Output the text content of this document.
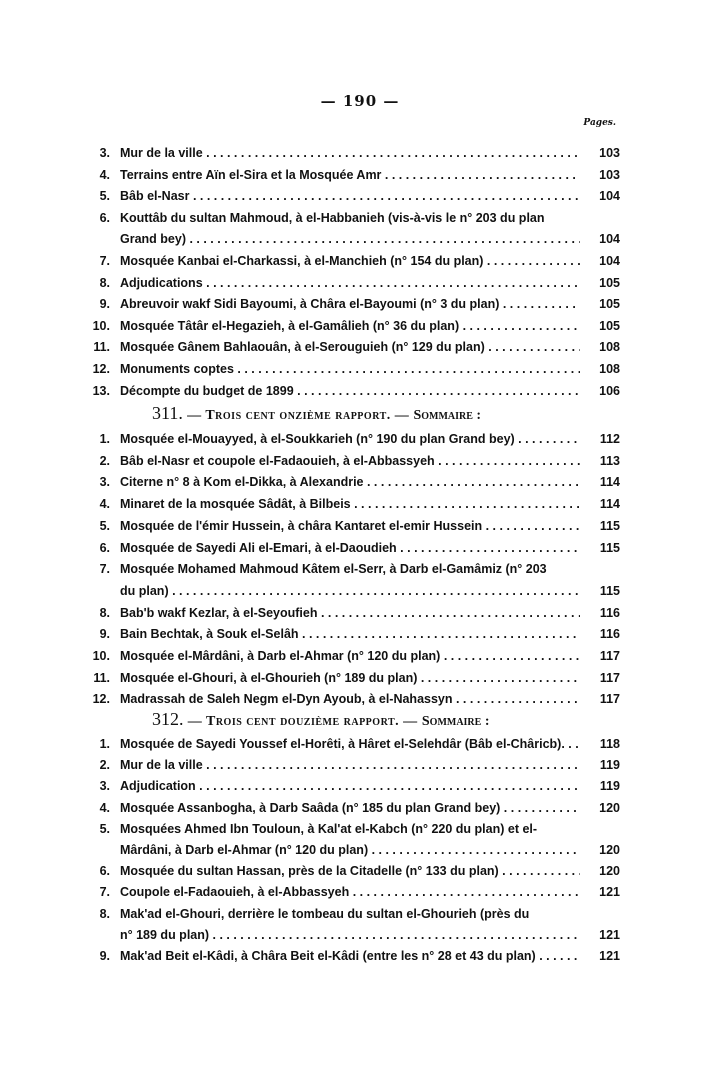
— 190 —
Pages.
3. Mur de la ville . . .	103
4. Terrains entre Aïn el-Sira et la Mosquée Amr . . .	103
5. Bâb el-Nasr . . .	104
6. Kouttâb du sultan Mahmoud, à el-Habbanieh (vis-à-vis le n° 203 du plan
Grand bey) . . .	104
7. Mosquée Kanbai el-Charkassi, à el-Manchieh (n° 154 du plan) . . .	104
8. Adjudications . . .	105
9. Abreuvoir wakf Sidi Bayoumi, à Châra el-Bayoumi (n° 3 du plan) . . .	105
10. Mosquée Tâtâr el-Hegazieh, à el-Gamâlieh (n° 36 du plan) . . .	105
11. Mosquée Gânem Bahlaouân, à el-Serouguieh (n° 129 du plan) . . .	108
12. Monuments coptes . . .	108
13. Décompte du budget de 1899 . . .	106
1. Mosquée el-Mouayyed, à el-Soukkarieh (n° 190 du plan Grand bey) . . .	112
2. Bâb el-Nasr et coupole el-Fadaouieh, à el-Abbassyeh . . .	113
3. Citerne n° 8 à Kom el-Dikka, à Alexandrie . . .	114
4. Minaret de la mosquée Sâdât, à Bilbeis . . .	114
5. Mosquée de l'émir Hussein, à châra Kantaret el-emir Hussein . . .	115
6. Mosquée de Sayedi Ali el-Emari, à el-Daoudieh . . .	115
7. Mosquée Mohamed Mahmoud Kâtem el-Serr, à Darb el-Gamâmiz (n° 203
du plan) . . .	115
8. Bab'b wakf Kezlar, à el-Seyoufieh . . .	116
9. Bain Bechtak, à Souk el-Selâh . . .	116
10. Mosquée el-Mârdâni, à Darb el-Ahmar (n° 120 du plan) . . .	117
11. Mosquée el-Ghouri, à el-Ghourieh (n° 189 du plan) . . .	117
12. Madrassah de Saleh Negm el-Dyn Ayoub, à el-Nahassyn . . .	117
1. Mosquée de Sayedi Youssef el-Horêti, à Hâret el-Selehdâr (Bâb el-Châricb). . . .	118
2. Mur de la ville . . .	119
3. Adjudication . . .	119
4. Mosquée Assanbogha, à Darb Saâda (n° 185 du plan Grand bey) . . .	120
5. Mosquées Ahmed Ibn Touloun, à Kal'at el-Kabch (n° 220 du plan) et el-
Mârdâni, à Darb el-Ahmar (n° 120 du plan) . . .	120
6. Mosquée du sultan Hassan, près de la Citadelle (n° 133 du plan) . . .	120
7. Coupole el-Fadaouieh, à el-Abbassyeh . . .	121
8. Mak'ad el-Ghouri, derrière le tombeau du sultan el-Ghourieh (près du
n° 189 du plan) . . .	121
9. Mak'ad Beit el-Kâdi, à Châra Beit el-Kâdi (entre les n° 28 et 43 du plan) . . .	121
311. — Trois cent onzième rapport. — Sommaire :
312. — Trois cent douzième rapport. — Sommaire :
